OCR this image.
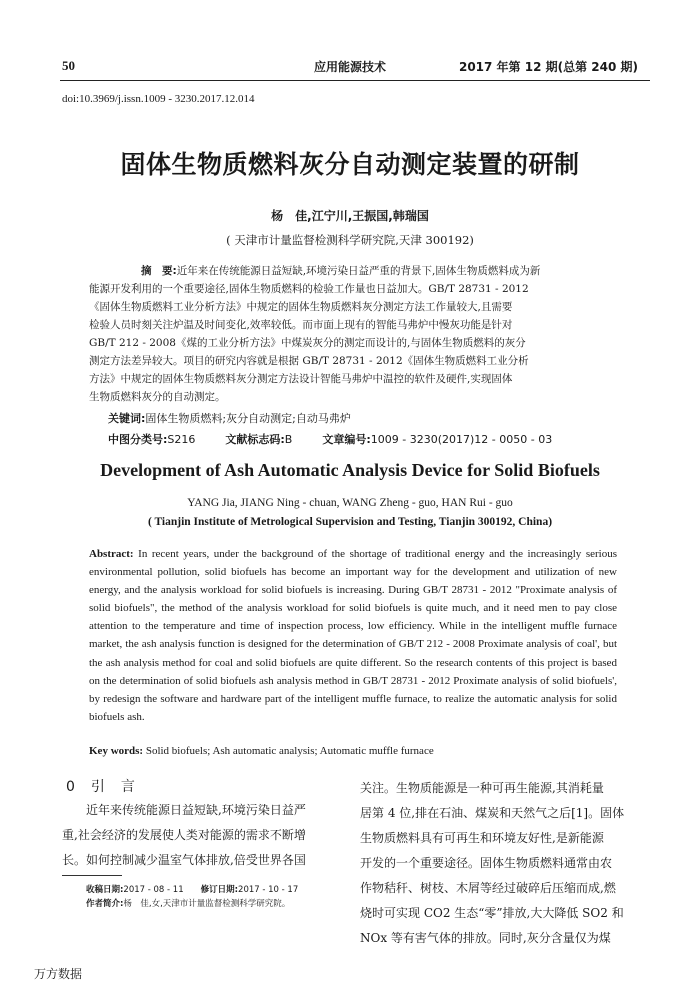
50	应用能源技术	2017 年第 12 期(总第 240 期)
doi:10.3969/j.issn.1009 - 3230.2017.12.014
固体生物质燃料灰分自动测定装置的研制
杨　佳,江宁川,王振国,韩瑞国
( 天津市计量监督检测科学研究院,天津 300192)
摘　要:近年来在传统能源日益短缺,环境污染日益严重的背景下,固体生物质燃料成为新
能源开发利用的一个重要途径,固体生物质燃料的检验工作量也日益加大。GB/T 28731 - 2012
《固体生物质燃料工业分析方法》中规定的固体生物质燃料灰分测定方法工作量较大,且需要
检验人员时刻关注炉温及时间变化,效率较低。而市面上现有的智能马弗炉中慢灰功能是针对
GB/T 212 - 2008《煤的工业分析方法》中煤炭灰分的测定而设计的,与固体生物质燃料的灰分
测定方法差异较大。项目的研究内容就是根据 GB/T 28731 - 2012《固体生物质燃料工业分析
方法》中规定的固体生物质燃料灰分测定方法设计智能马弗炉中温控的软件及硬件,实现固体
生物质燃料灰分的自动测定。
关键词:固体生物质燃料;灰分自动测定;自动马弗炉
中图分类号:S216	文献标志码:B	文章编号:1009 - 3230(2017)12 - 0050 - 03
Development of Ash Automatic Analysis Device for Solid Biofuels
YANG Jia, JIANG Ning - chuan, WANG Zheng - guo, HAN Rui - guo
( Tianjin Institute of Metrological Supervision and Testing, Tianjin 300192, China)
Abstract: In recent years, under the background of the shortage of traditional energy and the increasingly serious environmental pollution, solid biofuels has become an important way for the development and utilization of new energy, and the analysis workload for solid biofuels is increasing. During GB/T 28731 - 2012 "Proximate analysis of solid biofuels", the method of the analysis workload for solid biofuels is quite much, and it need men to pay close attention to the temperature and time of inspection process, low efficiency. While in the intelligent muffle furnace market, the ash analysis function is designed for the determination of GB/T 212 - 2008 Proximate analysis of coal', but the ash analysis method for coal and solid biofuels are quite different. So the research contents of this project is based on the determination of solid biofuels ash analysis method in GB/T 28731 - 2012 Proximate analysis of solid biofuels', by redesign the software and hardware part of the intelligent muffle furnace, to realize the automatic analysis for solid biofuels ash.
Key words: Solid biofuels; Ash automatic analysis; Automatic muffle furnace
0 引 言
　　近年来传统能源日益短缺,环境污染日益严
重,社会经济的发展使人类对能源的需求不断增
长。如何控制减少温室气体排放,倍受世界各国
关注。生物质能源是一种可再生能源,其消耗量
居第 4 位,排在石油、煤炭和天然气之后[1]。固体
生物质燃料具有可再生和环境友好性,是新能源
开发的一个重要途径。固体生物质燃料通常由农
作物秸秆、树枝、木屑等经过破碎后压缩而成,燃
烧时可实现 CO2 生态“零”排放,大大降低 SO2 和
NOx 等有害气体的排放。同时,灰分含量仅为煤
收稿日期:2017 - 08 - 11　　 修订日期:2017 - 10 - 17
作者简介:杨　佳,女,天津市计量监督检测科学研究院。
万方数据
